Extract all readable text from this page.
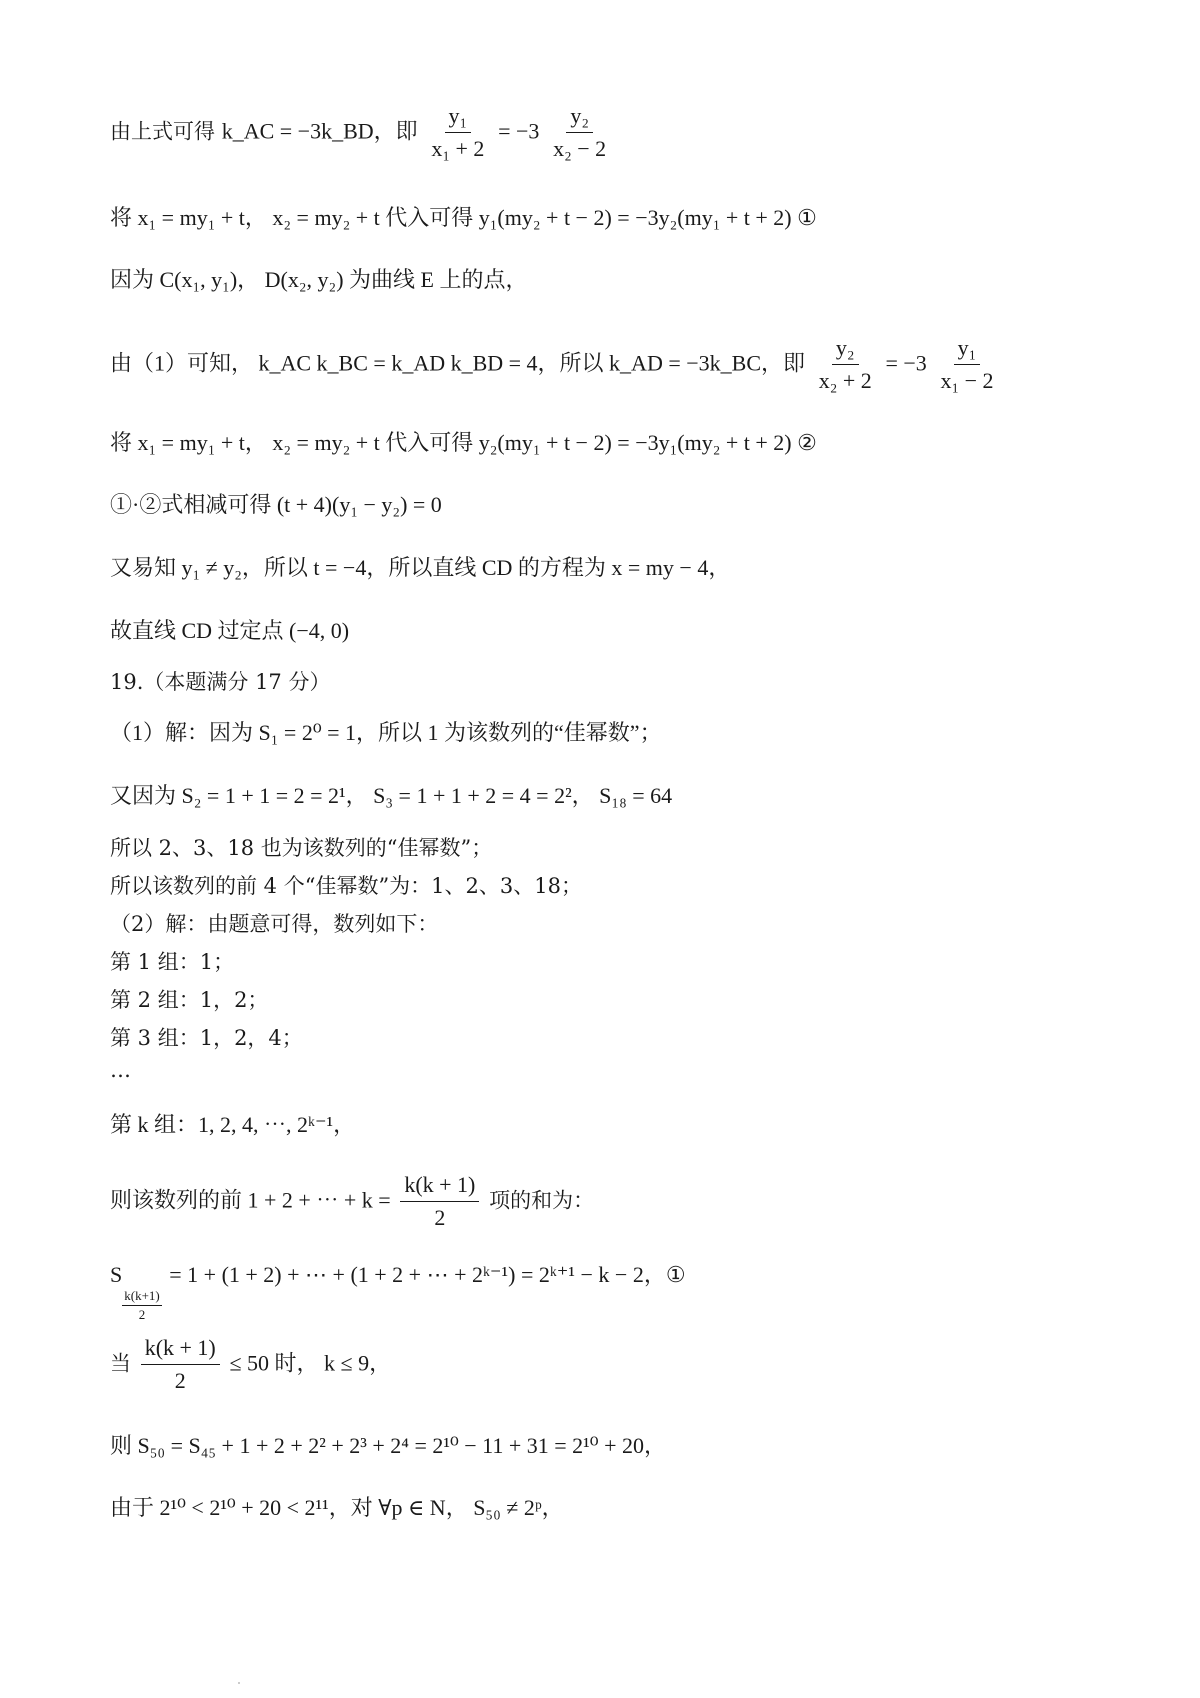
由上式可得 k_AC = −3k_BD，即 $\frac{\text{y₁}}{\text{x₁ + 2}} = -3 \frac{\text{y₂}}{\text{x₂ − 2}}$
将 x₁ = my₁ + t， x₂ = my₂ + t 代入可得 y₁(my₂ + t − 2) = −3y₂(my₁ + t + 2) ①
因为 C(x₁, y₁)， D(x₂, y₂) 为曲线 E 上的点，
由（1）可知， k_AC k_BC = k_AD k_BD = 4，所以 k_AD = −3k_BC，即 $\frac{\text{y₂}}{\text{x₂ + 2}} = -3 \frac{\text{y₁}}{\text{x₁ − 2}}$
将 x₁ = my₁ + t， x₂ = my₂ + t 代入可得 y₂(my₁ + t − 2) = −3y₁(my₂ + t + 2) ②
①·②式相减可得 (t + 4)(y₁ − y₂) = 0
又易知 y₁ ≠ y₂，所以 t = −4，所以直线 CD 的方程为 x = my − 4，
故直线 CD 过定点 (−4, 0)
19.（本题满分 17 分）
（1）解：因为 S₁ = 2⁰ = 1，所以 1 为该数列的“佳幂数”；
又因为 S₂ = 1 + 1 = 2 = 2¹， S₃ = 1 + 1 + 2 = 4 = 2²， S₁₈ = 64
所以 2、3、18 也为该数列的“佳幂数”；
所以该数列的前 4 个“佳幂数”为：1、2、3、18；
（2）解：由题意可得，数列如下：
第 1 组：1；
第 2 组：1，2；
第 3 组：1，2，4；
…
第 k 组：1, 2, 4, ⋯, 2ᵏ⁻¹，
则该数列的前 1 + 2 + ⋯ + $k = \frac{k(k + 1)}{2}$ 项的和为：
S
$\frac{k(k+1)}{2}$
= 1 + (1 + 2) + ⋯ + (1 + 2 + ⋯ + 2ᵏ⁻¹) = 2ᵏ⁺¹ − k − 2，①
当 $\frac{k(k + 1)}{2} \le 50$ 时， k ≤ 9，
则 S₅₀ = S₄₅ + 1 + 2 + 2² + 2³ + 2⁴ = 2¹⁰ − 11 + 31 = 2¹⁰ + 20，
由于 2¹⁰ < 2¹⁰ + 20 < 2¹¹，对 ∀p ∈ N， S₅₀ ≠ 2ᵖ，
